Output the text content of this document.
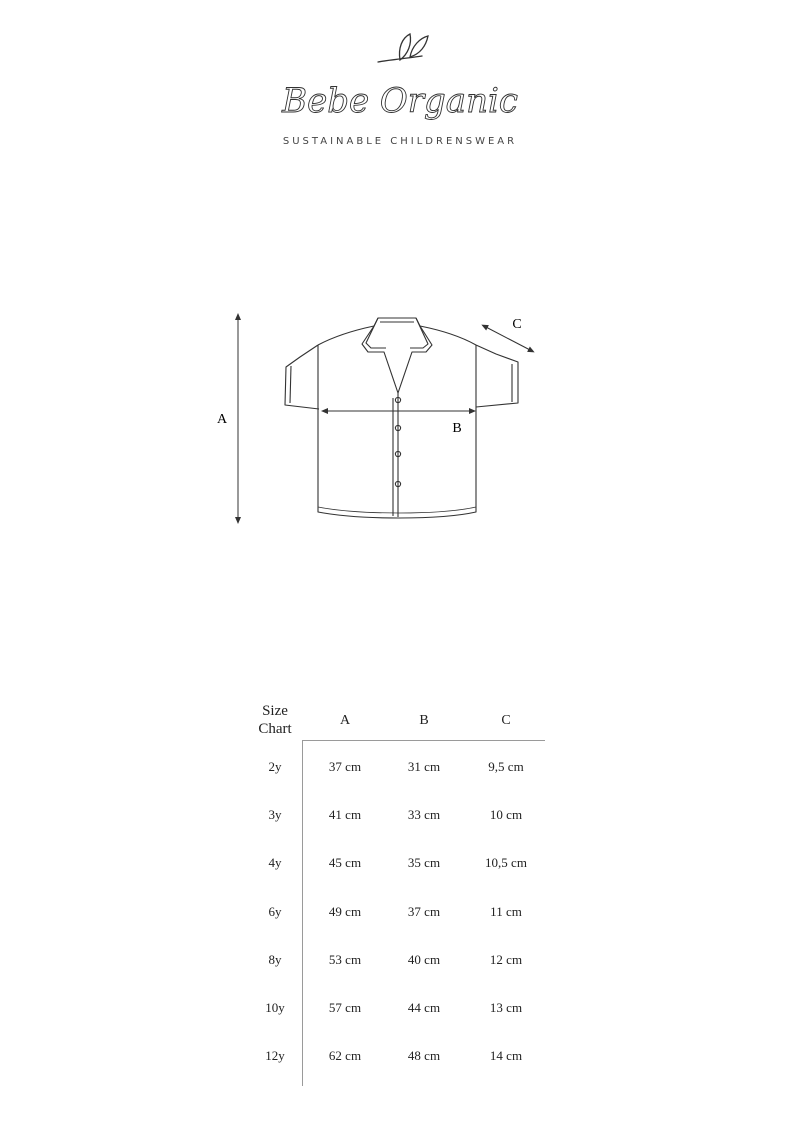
Bebe Organic
SUSTAINABLE CHILDRENSWEAR
A
B
C
Size
Chart
A	B	C
2y	37 cm	31 cm	9,5 cm
3y	41 cm	33 cm	10 cm
4y	45 cm	35 cm	10,5 cm
6y	49 cm	37 cm	11 cm
8y	53 cm	40 cm	12 cm
10y	57 cm	44 cm	13 cm
12y	62 cm	48 cm	14 cm
